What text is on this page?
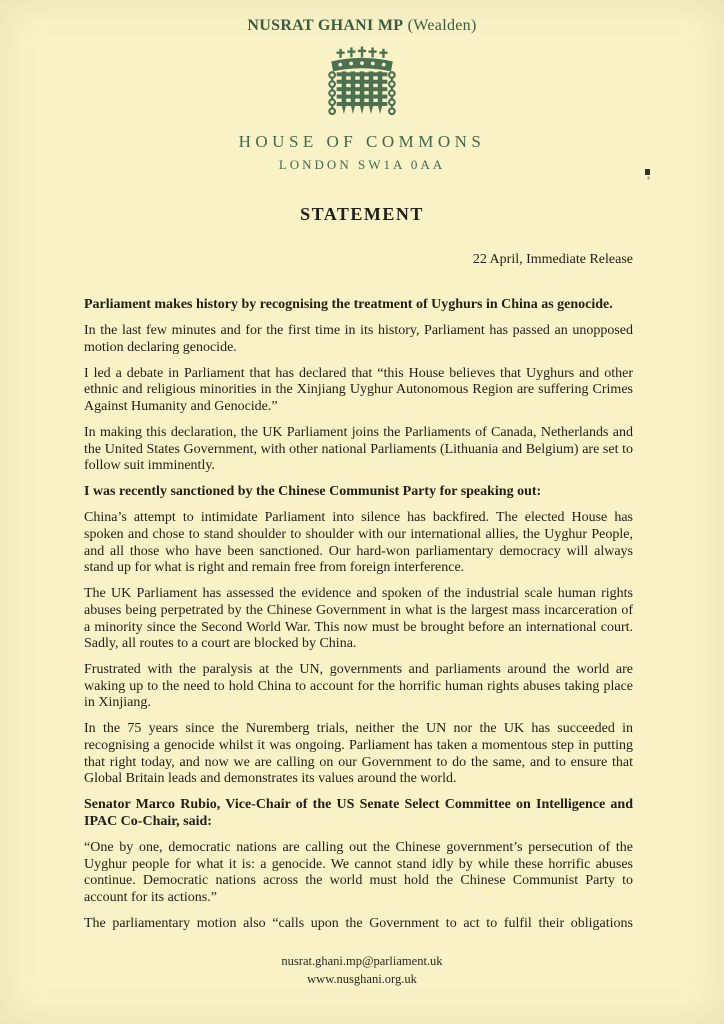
NUSRAT GHANI MP (Wealden)
HOUSE OF COMMONS
LONDON SW1A 0AA
STATEMENT
22 April, Immediate Release

Parliament makes history by recognising the treatment of Uyghurs in China as genocide.

In the last few minutes and for the first time in its history, Parliament has passed an unopposed motion declaring genocide.

I led a debate in Parliament that has declared that “this House believes that Uyghurs and other ethnic and religious minorities in the Xinjiang Uyghur Autonomous Region are suffering Crimes Against Humanity and Genocide.”

In making this declaration, the UK Parliament joins the Parliaments of Canada, Netherlands and the United States Government, with other national Parliaments (Lithuania and Belgium) are set to follow suit imminently.

I was recently sanctioned by the Chinese Communist Party for speaking out:

China’s attempt to intimidate Parliament into silence has backfired. The elected House has spoken and chose to stand shoulder to shoulder with our international allies, the Uyghur People, and all those who have been sanctioned. Our hard-won parliamentary democracy will always stand up for what is right and remain free from foreign interference.

The UK Parliament has assessed the evidence and spoken of the industrial scale human rights abuses being perpetrated by the Chinese Government in what is the largest mass incarceration of a minority since the Second World War. This now must be brought before an international court. Sadly, all routes to a court are blocked by China.

Frustrated with the paralysis at the UN, governments and parliaments around the world are waking up to the need to hold China to account for the horrific human rights abuses taking place in Xinjiang.

In the 75 years since the Nuremberg trials, neither the UN nor the UK has succeeded in recognising a genocide whilst it was ongoing. Parliament has taken a momentous step in putting that right today, and now we are calling on our Government to do the same, and to ensure that Global Britain leads and demonstrates its values around the world.

Senator Marco Rubio, Vice-Chair of the US Senate Select Committee on Intelligence and IPAC Co-Chair, said:

“One by one, democratic nations are calling out the Chinese government’s persecution of the Uyghur people for what it is: a genocide. We cannot stand idly by while these horrific abuses continue. Democratic nations across the world must hold the Chinese Communist Party to account for its actions.”

The parliamentary motion also “calls upon the Government to act to fulfil their obligations

nusrat.ghani.mp@parliament.uk
www.nusghani.org.uk
